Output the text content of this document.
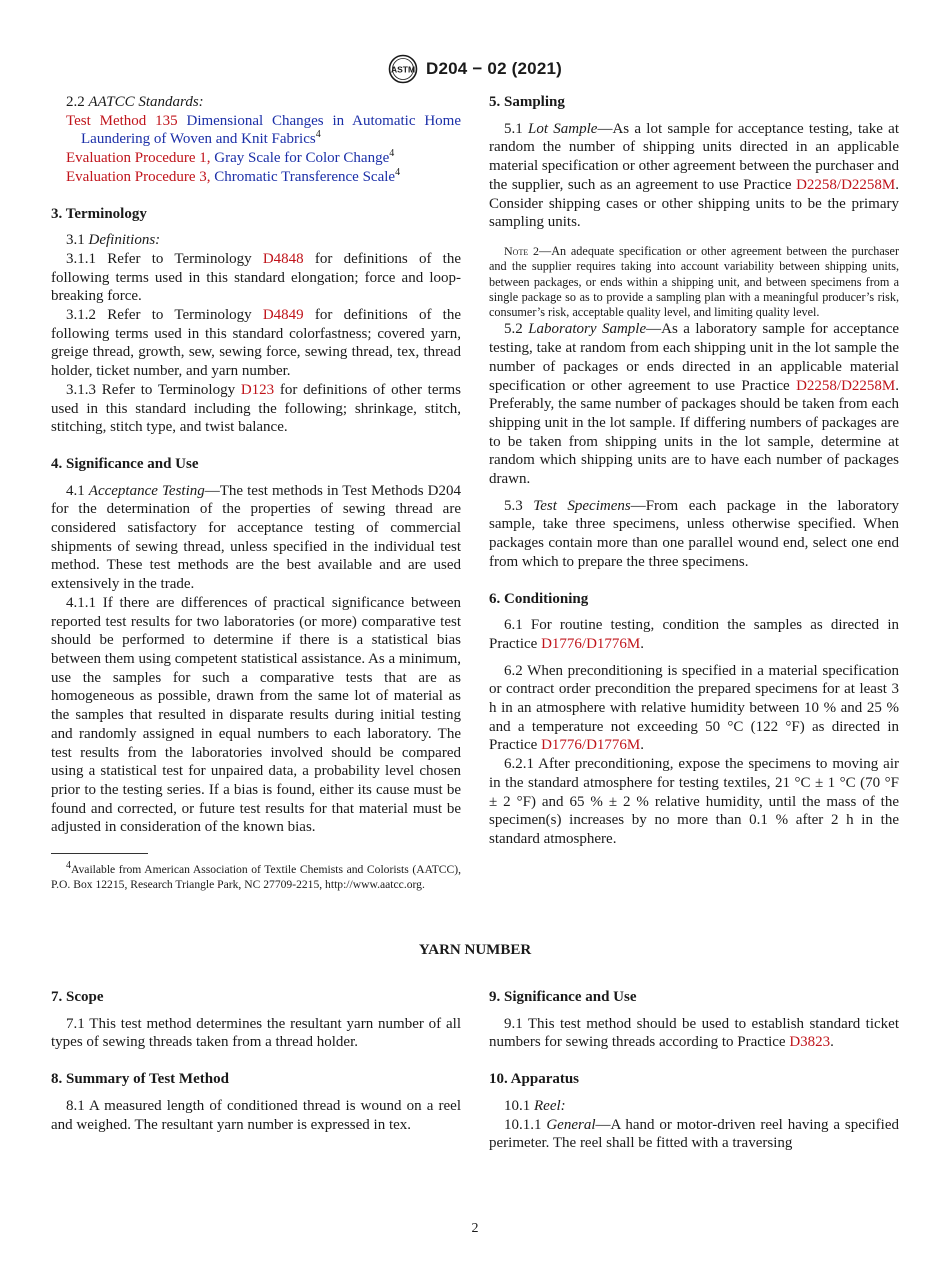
ASTM D204 − 02 (2021)

2.2 AATCC Standards:

Test Method 135 Dimensional Changes in Automatic Home Laundering of Woven and Knit Fabrics$^4$

Evaluation Procedure 1, Gray Scale for Color Change$^4$

Evaluation Procedure 3, Chromatic Transference Scale$^4$

3. Terminology

3.1 Definitions:

3.1.1 Refer to Terminology D4848 for definitions of the following terms used in this standard elongation; force and loop-breaking force.

3.1.2 Refer to Terminology D4849 for definitions of the following terms used in this standard colorfastness; covered yarn, greige thread, growth, sew, sewing force, sewing thread, tex, thread holder, ticket number, and yarn number.

3.1.3 Refer to Terminology D123 for definitions of other terms used in this standard including the following; shrinkage, stitch, stitching, stitch type, and twist balance.

4. Significance and Use

4.1 Acceptance Testing—The test methods in Test Methods D204 for the determination of the properties of sewing thread are considered satisfactory for acceptance testing of commercial shipments of sewing thread, unless specified in the individual test method. These test methods are the best available and are used extensively in the trade.

4.1.1 If there are differences of practical significance between reported test results for two laboratories (or more) comparative test should be performed to determine if there is a statistical bias between them using competent statistical assistance. As a minimum, use the samples for such a comparative tests that are as homogeneous as possible, drawn from the same lot of material as the samples that resulted in disparate results during initial testing and randomly assigned in equal numbers to each laboratory. The test results from the laboratories involved should be compared using a statistical test for unpaired data, a probability level chosen prior to the testing series. If a bias is found, either its cause must be found and corrected, or future test results for that material must be adjusted in consideration of the known bias.

$^4$Available from American Association of Textile Chemists and Colorists (AATCC), P.O. Box 12215, Research Triangle Park, NC 27709-2215, http://www.aatcc.org.

5. Sampling

5.1 Lot Sample—As a lot sample for acceptance testing, take at random the number of shipping units directed in an applicable material specification or other agreement between the purchaser and the supplier, such as an agreement to use Practice D2258/D2258M. Consider shipping cases or other shipping units to be the primary sampling units.

Note 2—An adequate specification or other agreement between the purchaser and the supplier requires taking into account variability between shipping units, between packages, or ends within a shipping unit, and between specimens from a single package so as to provide a sampling plan with a meaningful producer’s risk, consumer’s risk, acceptable quality level, and limiting quality level.

5.2 Laboratory Sample—As a laboratory sample for acceptance testing, take at random from each shipping unit in the lot sample the number of packages or ends directed in an applicable material specification or other agreement to use Practice D2258/D2258M. Preferably, the same number of packages should be taken from each shipping unit in the lot sample. If differing numbers of packages are to be taken from shipping units in the lot sample, determine at random which shipping units are to have each number of packages drawn.

5.3 Test Specimens—From each package in the laboratory sample, take three specimens, unless otherwise specified. When packages contain more than one parallel wound end, select one end from which to prepare the three specimens.

6. Conditioning

6.1 For routine testing, condition the samples as directed in Practice D1776/D1776M.

6.2 When preconditioning is specified in a material specification or contract order precondition the prepared specimens for at least 3 h in an atmosphere with relative humidity between 10 % and 25 % and a temperature not exceeding 50 °C (122 °F) as directed in Practice D1776/D1776M.

6.2.1 After preconditioning, expose the specimens to moving air in the standard atmosphere for testing textiles, 21 °C ± 1 °C (70 °F ± 2 °F) and 65 % ± 2 % relative humidity, until the mass of the specimen(s) increases by no more than 0.1 % after 2 h in the standard atmosphere.

YARN NUMBER

7. Scope

7.1 This test method determines the resultant yarn number of all types of sewing threads taken from a thread holder.

8. Summary of Test Method

8.1 A measured length of conditioned thread is wound on a reel and weighed. The resultant yarn number is expressed in tex.

9. Significance and Use

9.1 This test method should be used to establish standard ticket numbers for sewing threads according to Practice D3823.

10. Apparatus

10.1 Reel:

10.1.1 General—A hand or motor-driven reel having a specified perimeter. The reel shall be fitted with a traversing

2
